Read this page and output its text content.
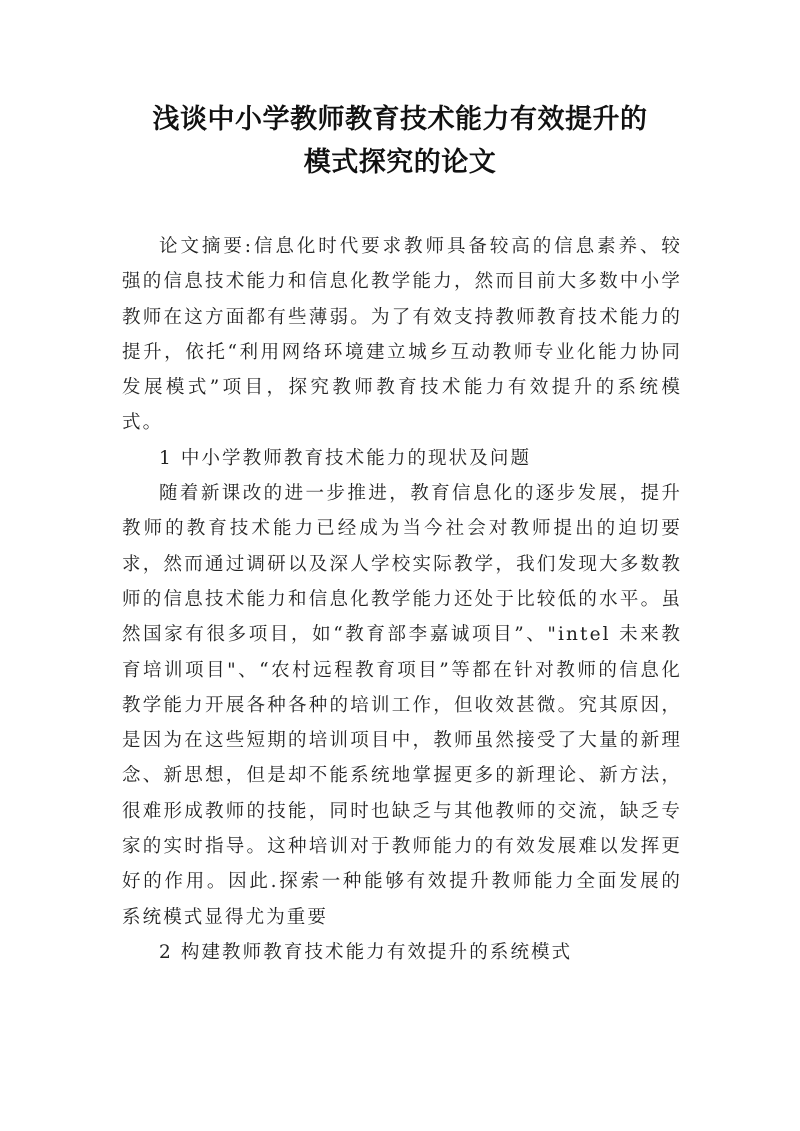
浅谈中小学教师教育技术能力有效提升的
模式探究的论文

论文摘要:信息化时代要求教师具备较高的信息素养、较强的信息技术能力和信息化教学能力，然而目前大多数中小学教师在这方面都有些薄弱。为了有效支持教师教育技术能力的提升，依托“利用网络环境建立城乡互动教师专业化能力协同发展模式”项目，探究教师教育技术能力有效提升的系统模式。

1 中小学教师教育技术能力的现状及问题

随着新课改的进一步推进，教育信息化的逐步发展，提升教师的教育技术能力已经成为当今社会对教师提出的迫切要求，然而通过调研以及深人学校实际教学，我们发现大多数教师的信息技术能力和信息化教学能力还处于比较低的水平。虽然国家有很多项目，如“教育部李嘉诚项目”、"intel 未来教育培训项目"、“农村远程教育项目”等都在针对教师的信息化教学能力开展各种各种的培训工作，但收效甚微。究其原因，是因为在这些短期的培训项目中，教师虽然接受了大量的新理念、新思想，但是却不能系统地掌握更多的新理论、新方法，很难形成教师的技能，同时也缺乏与其他教师的交流，缺乏专家的实时指导。这种培训对于教师能力的有效发展难以发挥更好的作用。因此.探索一种能够有效提升教师能力全面发展的系统模式显得尤为重要

2 构建教师教育技术能力有效提升的系统模式
